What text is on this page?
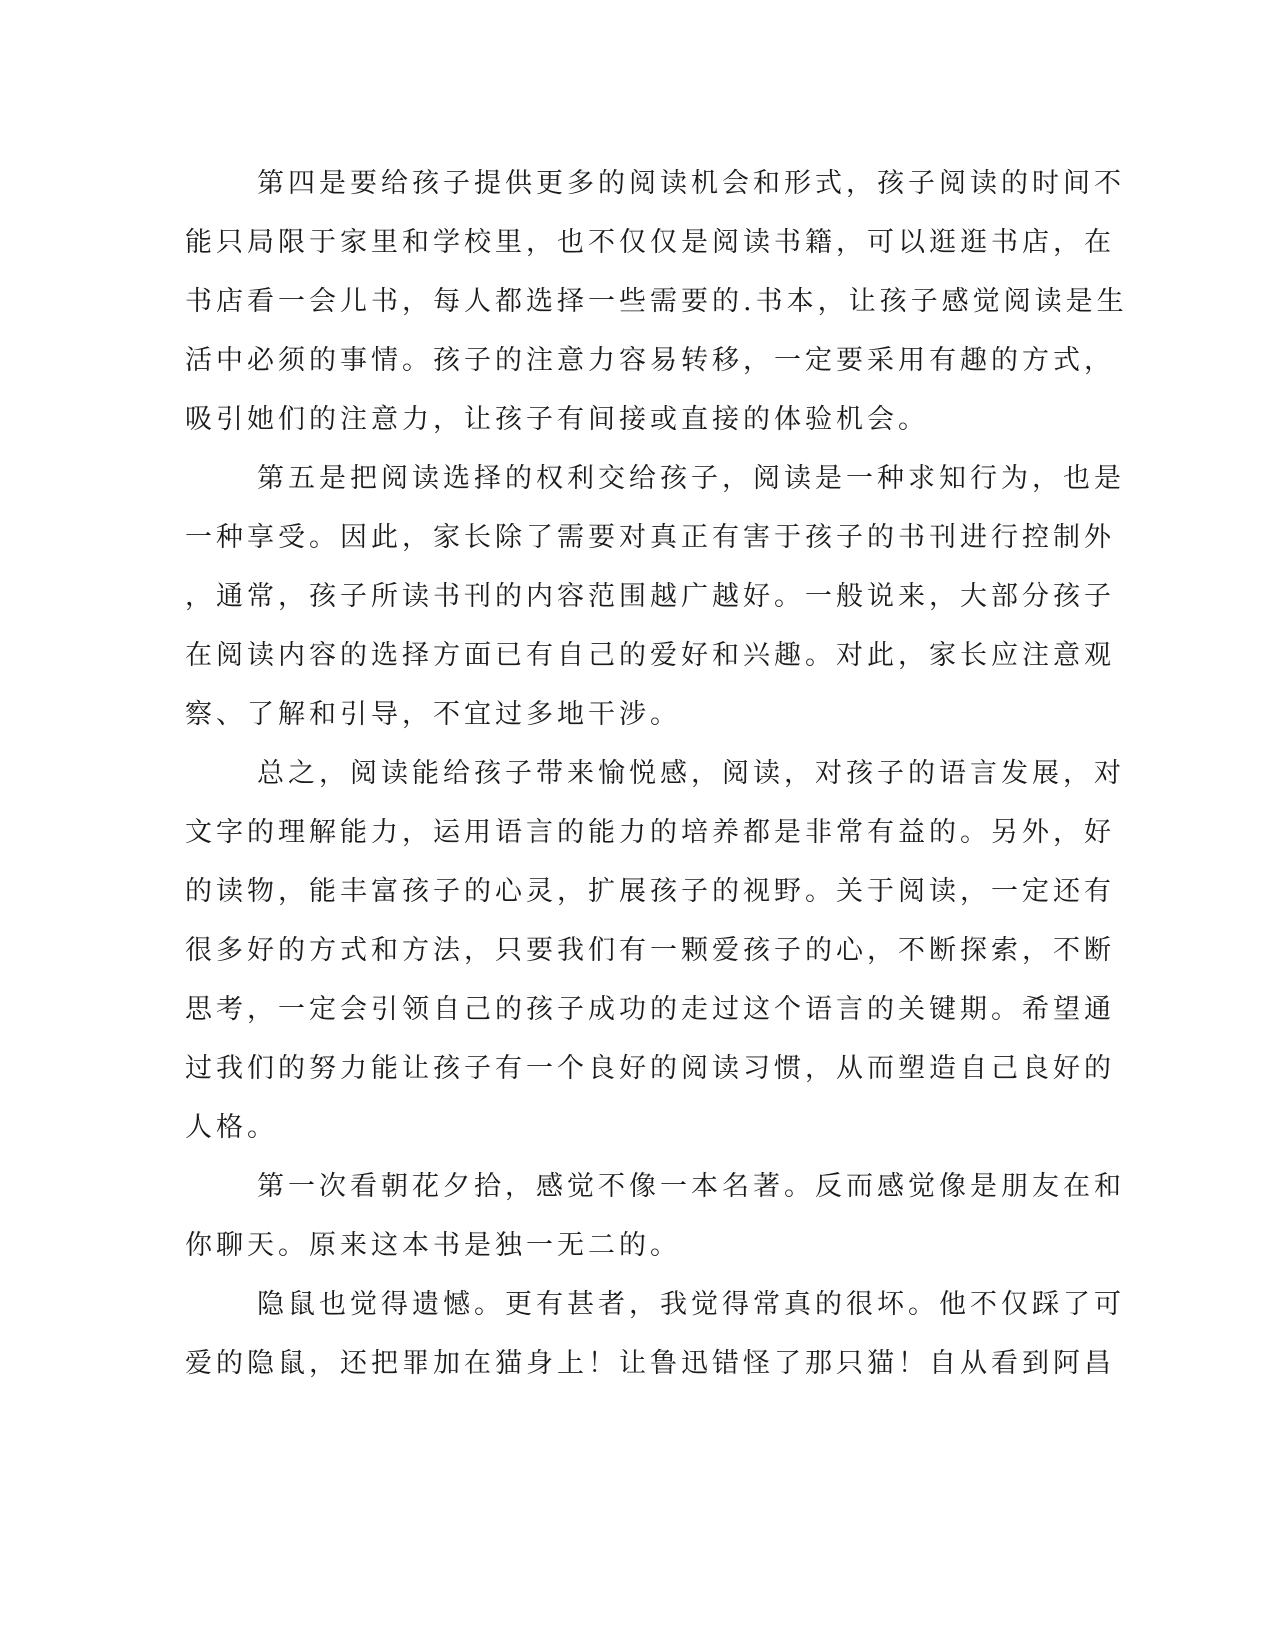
第四是要给孩子提供更多的阅读机会和形式，孩子阅读的时间不
能只局限于家里和学校里，也不仅仅是阅读书籍，可以逛逛书店，在
书店看一会儿书，每人都选择一些需要的.书本，让孩子感觉阅读是生
活中必须的事情。孩子的注意力容易转移，一定要采用有趣的方式，
吸引她们的注意力，让孩子有间接或直接的体验机会。
第五是把阅读选择的权利交给孩子，阅读是一种求知行为，也是
一种享受。因此，家长除了需要对真正有害于孩子的书刊进行控制外
，通常，孩子所读书刊的内容范围越广越好。一般说来，大部分孩子
在阅读内容的选择方面已有自己的爱好和兴趣。对此，家长应注意观
察、了解和引导，不宜过多地干涉。
总之，阅读能给孩子带来愉悦感，阅读，对孩子的语言发展，对
文字的理解能力，运用语言的能力的培养都是非常有益的。另外，好
的读物，能丰富孩子的心灵，扩展孩子的视野。关于阅读，一定还有
很多好的方式和方法，只要我们有一颗爱孩子的心，不断探索，不断
思考，一定会引领自己的孩子成功的走过这个语言的关键期。希望通
过我们的努力能让孩子有一个良好的阅读习惯，从而塑造自己良好的
人格。
第一次看朝花夕拾，感觉不像一本名著。反而感觉像是朋友在和
你聊天。原来这本书是独一无二的。
隐鼠也觉得遗憾。更有甚者，我觉得常真的很坏。他不仅踩了可
爱的隐鼠，还把罪加在猫身上！让鲁迅错怪了那只猫！自从看到阿昌
